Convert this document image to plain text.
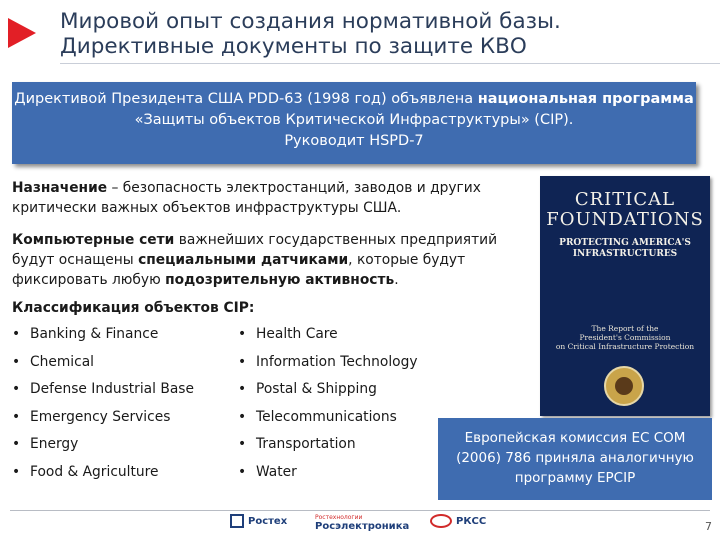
Мировой опыт создания нормативной базы.
Директивные документы по защите КВО
Директивой Президента США PDD-63 (1998 год) объявлена национальная программа «Защиты объектов Критической Инфраструктуры» (CIP).
Руководит HSPD-7
Назначение – безопасность электростанций, заводов и других критически важных объектов инфраструктуры США.
Компьютерные сети важнейших государственных предприятий будут оснащены специальными датчиками, которые будут фиксировать любую подозрительную активность.
Классификация объектов CIP:
• Banking & Finance
• Chemical
• Defense Industrial Base
• Emergency Services
• Energy
• Food & Agriculture
• Health Care
• Information Technology
• Postal & Shipping
• Telecommunications
• Transportation
• Water
CRITICAL
FOUNDATIONS
PROTECTING AMERICA'S
INFRASTRUCTURES
The Report of the
President's Commission
on Critical Infrastructure Protection
Европейская комиссия ЕС COM
(2006) 786 приняла аналогичную
программу EPCIP
Ростех	Ростехнологии
Росэлектроника	РКСС	7
